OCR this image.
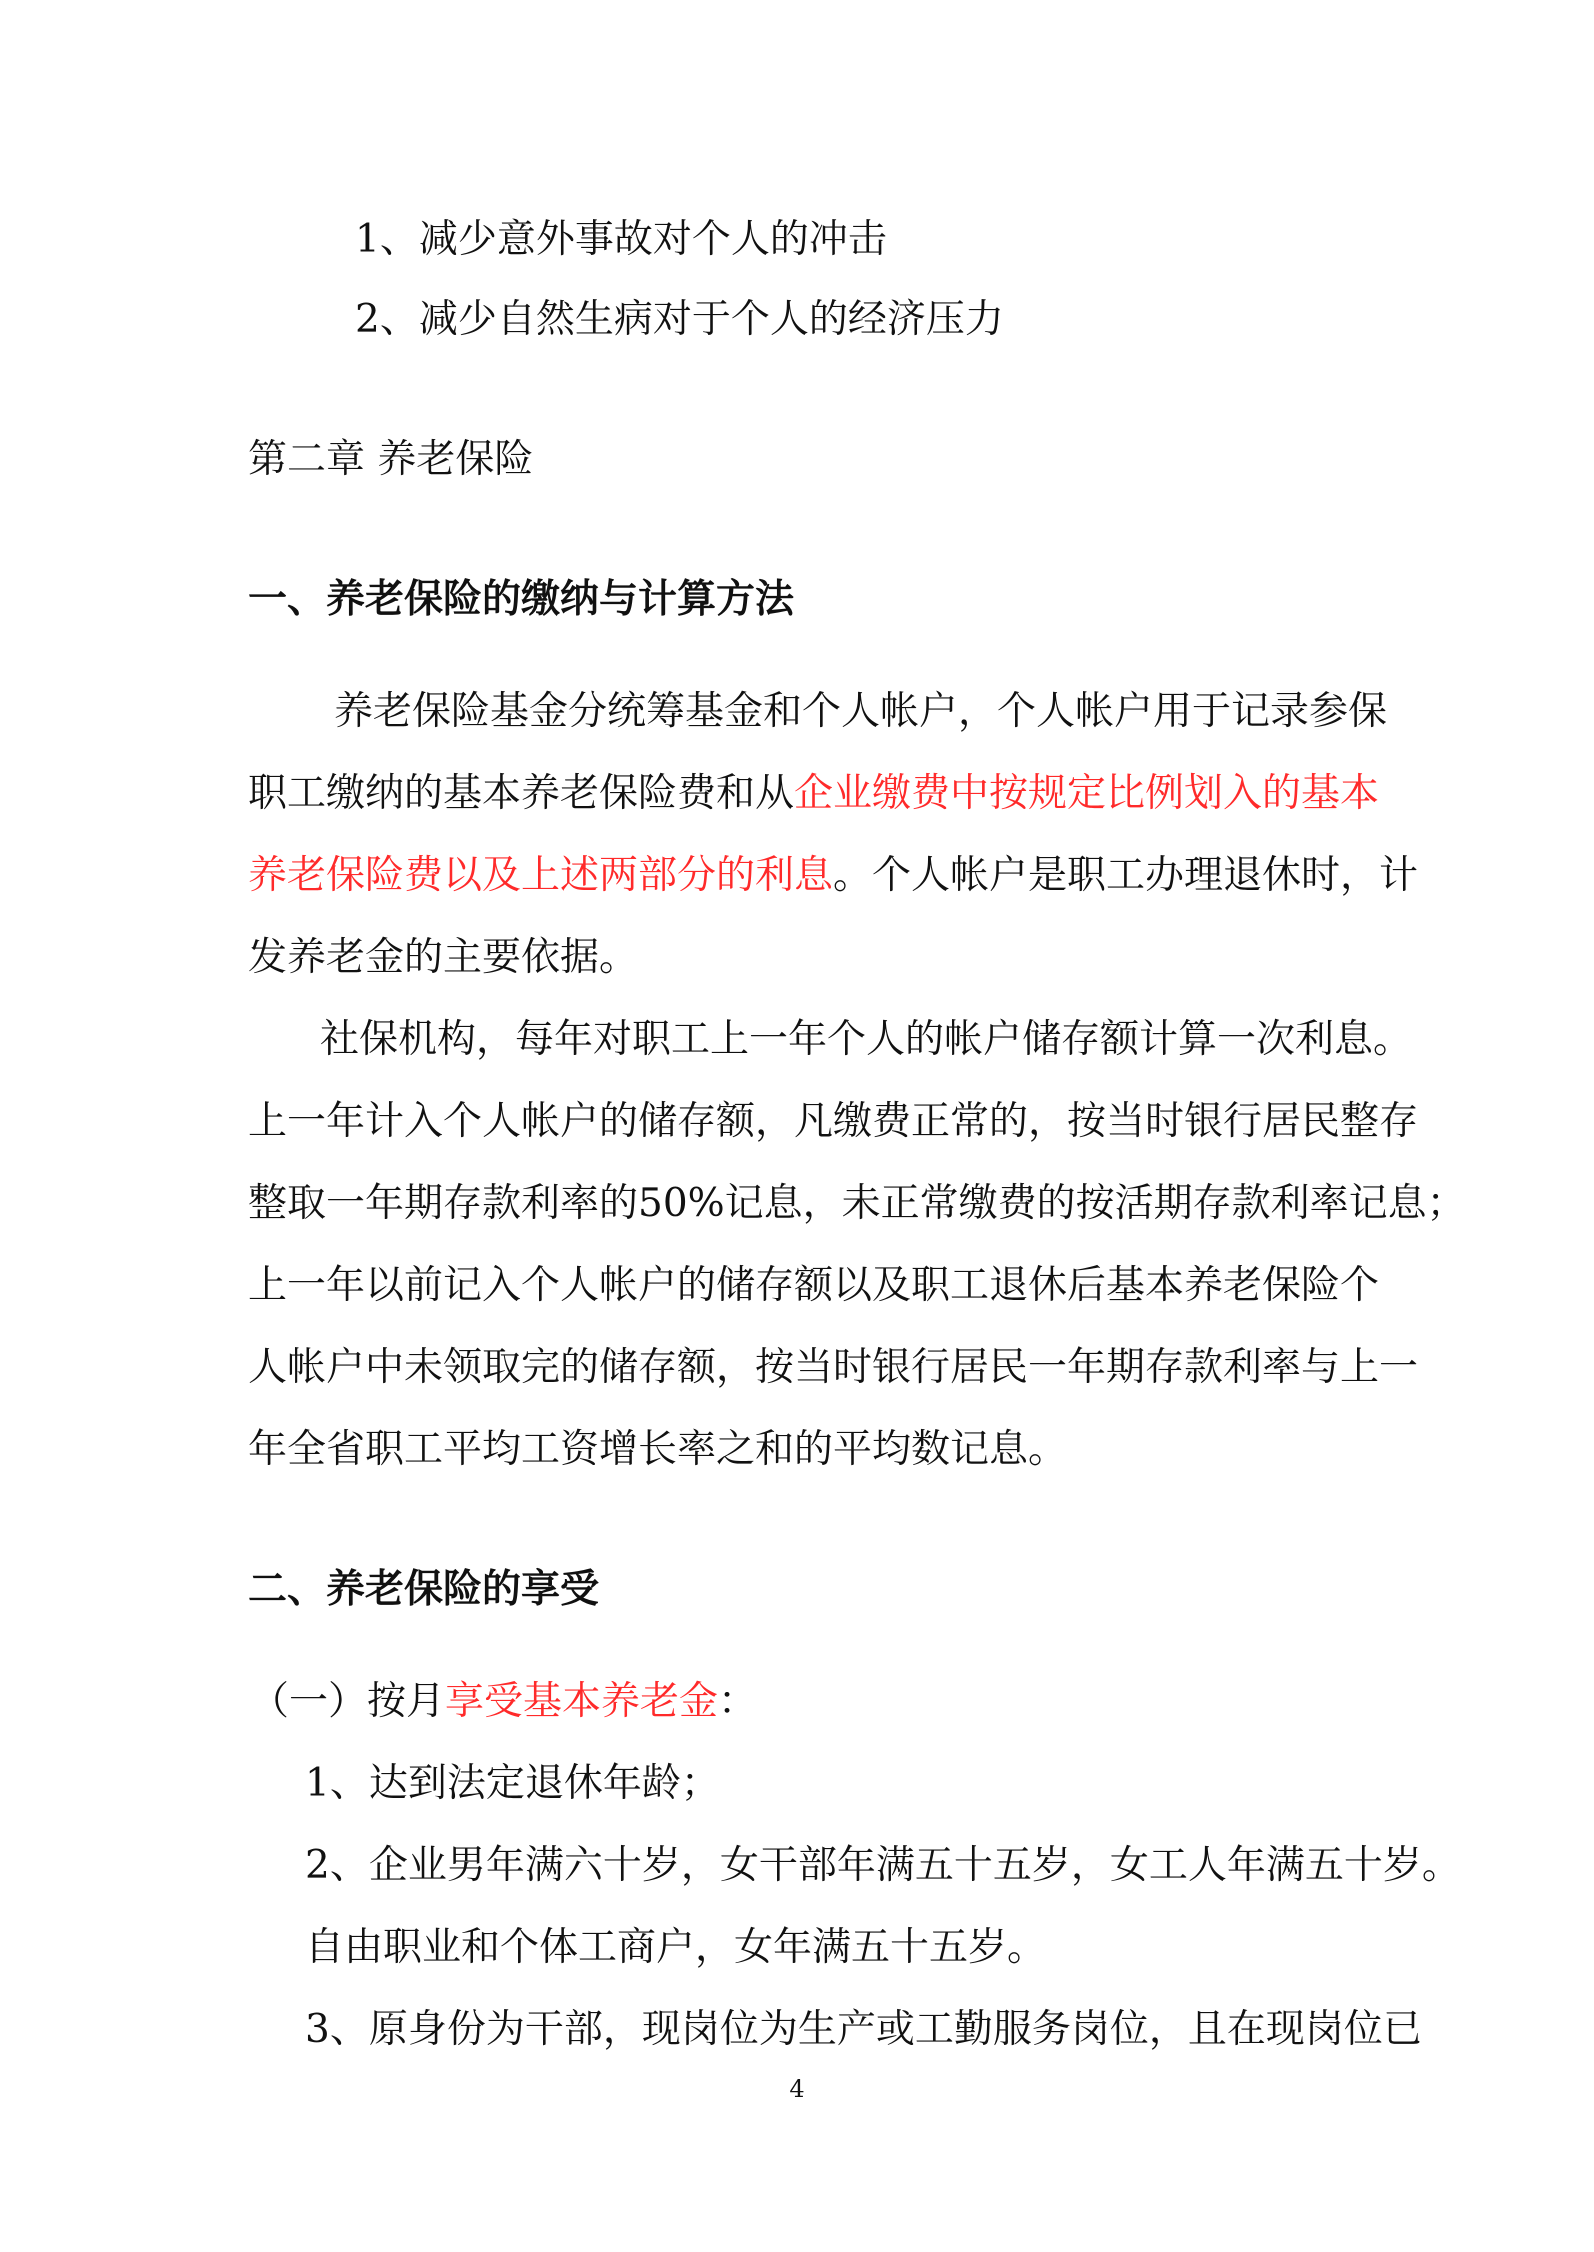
1、减少意外事故对个人的冲击
2、减少自然生病对于个人的经济压力
第二章 养老保险
一、养老保险的缴纳与计算方法
养老保险基金分统筹基金和个人帐户，个人帐户用于记录参保
职工缴纳的基本养老保险费和从企业缴费中按规定比例划入的基本
养老保险费以及上述两部分的利息。个人帐户是职工办理退休时，计
发养老金的主要依据。
社保机构，每年对职工上一年个人的帐户储存额计算一次利息。
上一年计入个人帐户的储存额，凡缴费正常的，按当时银行居民整存
整取一年期存款利率的50%记息，未正常缴费的按活期存款利率记息；
上一年以前记入个人帐户的储存额以及职工退休后基本养老保险个
人帐户中未领取完的储存额，按当时银行居民一年期存款利率与上一
年全省职工平均工资增长率之和的平均数记息。
二、养老保险的享受
（一）按月享受基本养老金：
1、达到法定退休年龄；
2、企业男年满六十岁，女干部年满五十五岁，女工人年满五十岁。
自由职业和个体工商户，女年满五十五岁。
3、原身份为干部，现岗位为生产或工勤服务岗位，且在现岗位已
4
